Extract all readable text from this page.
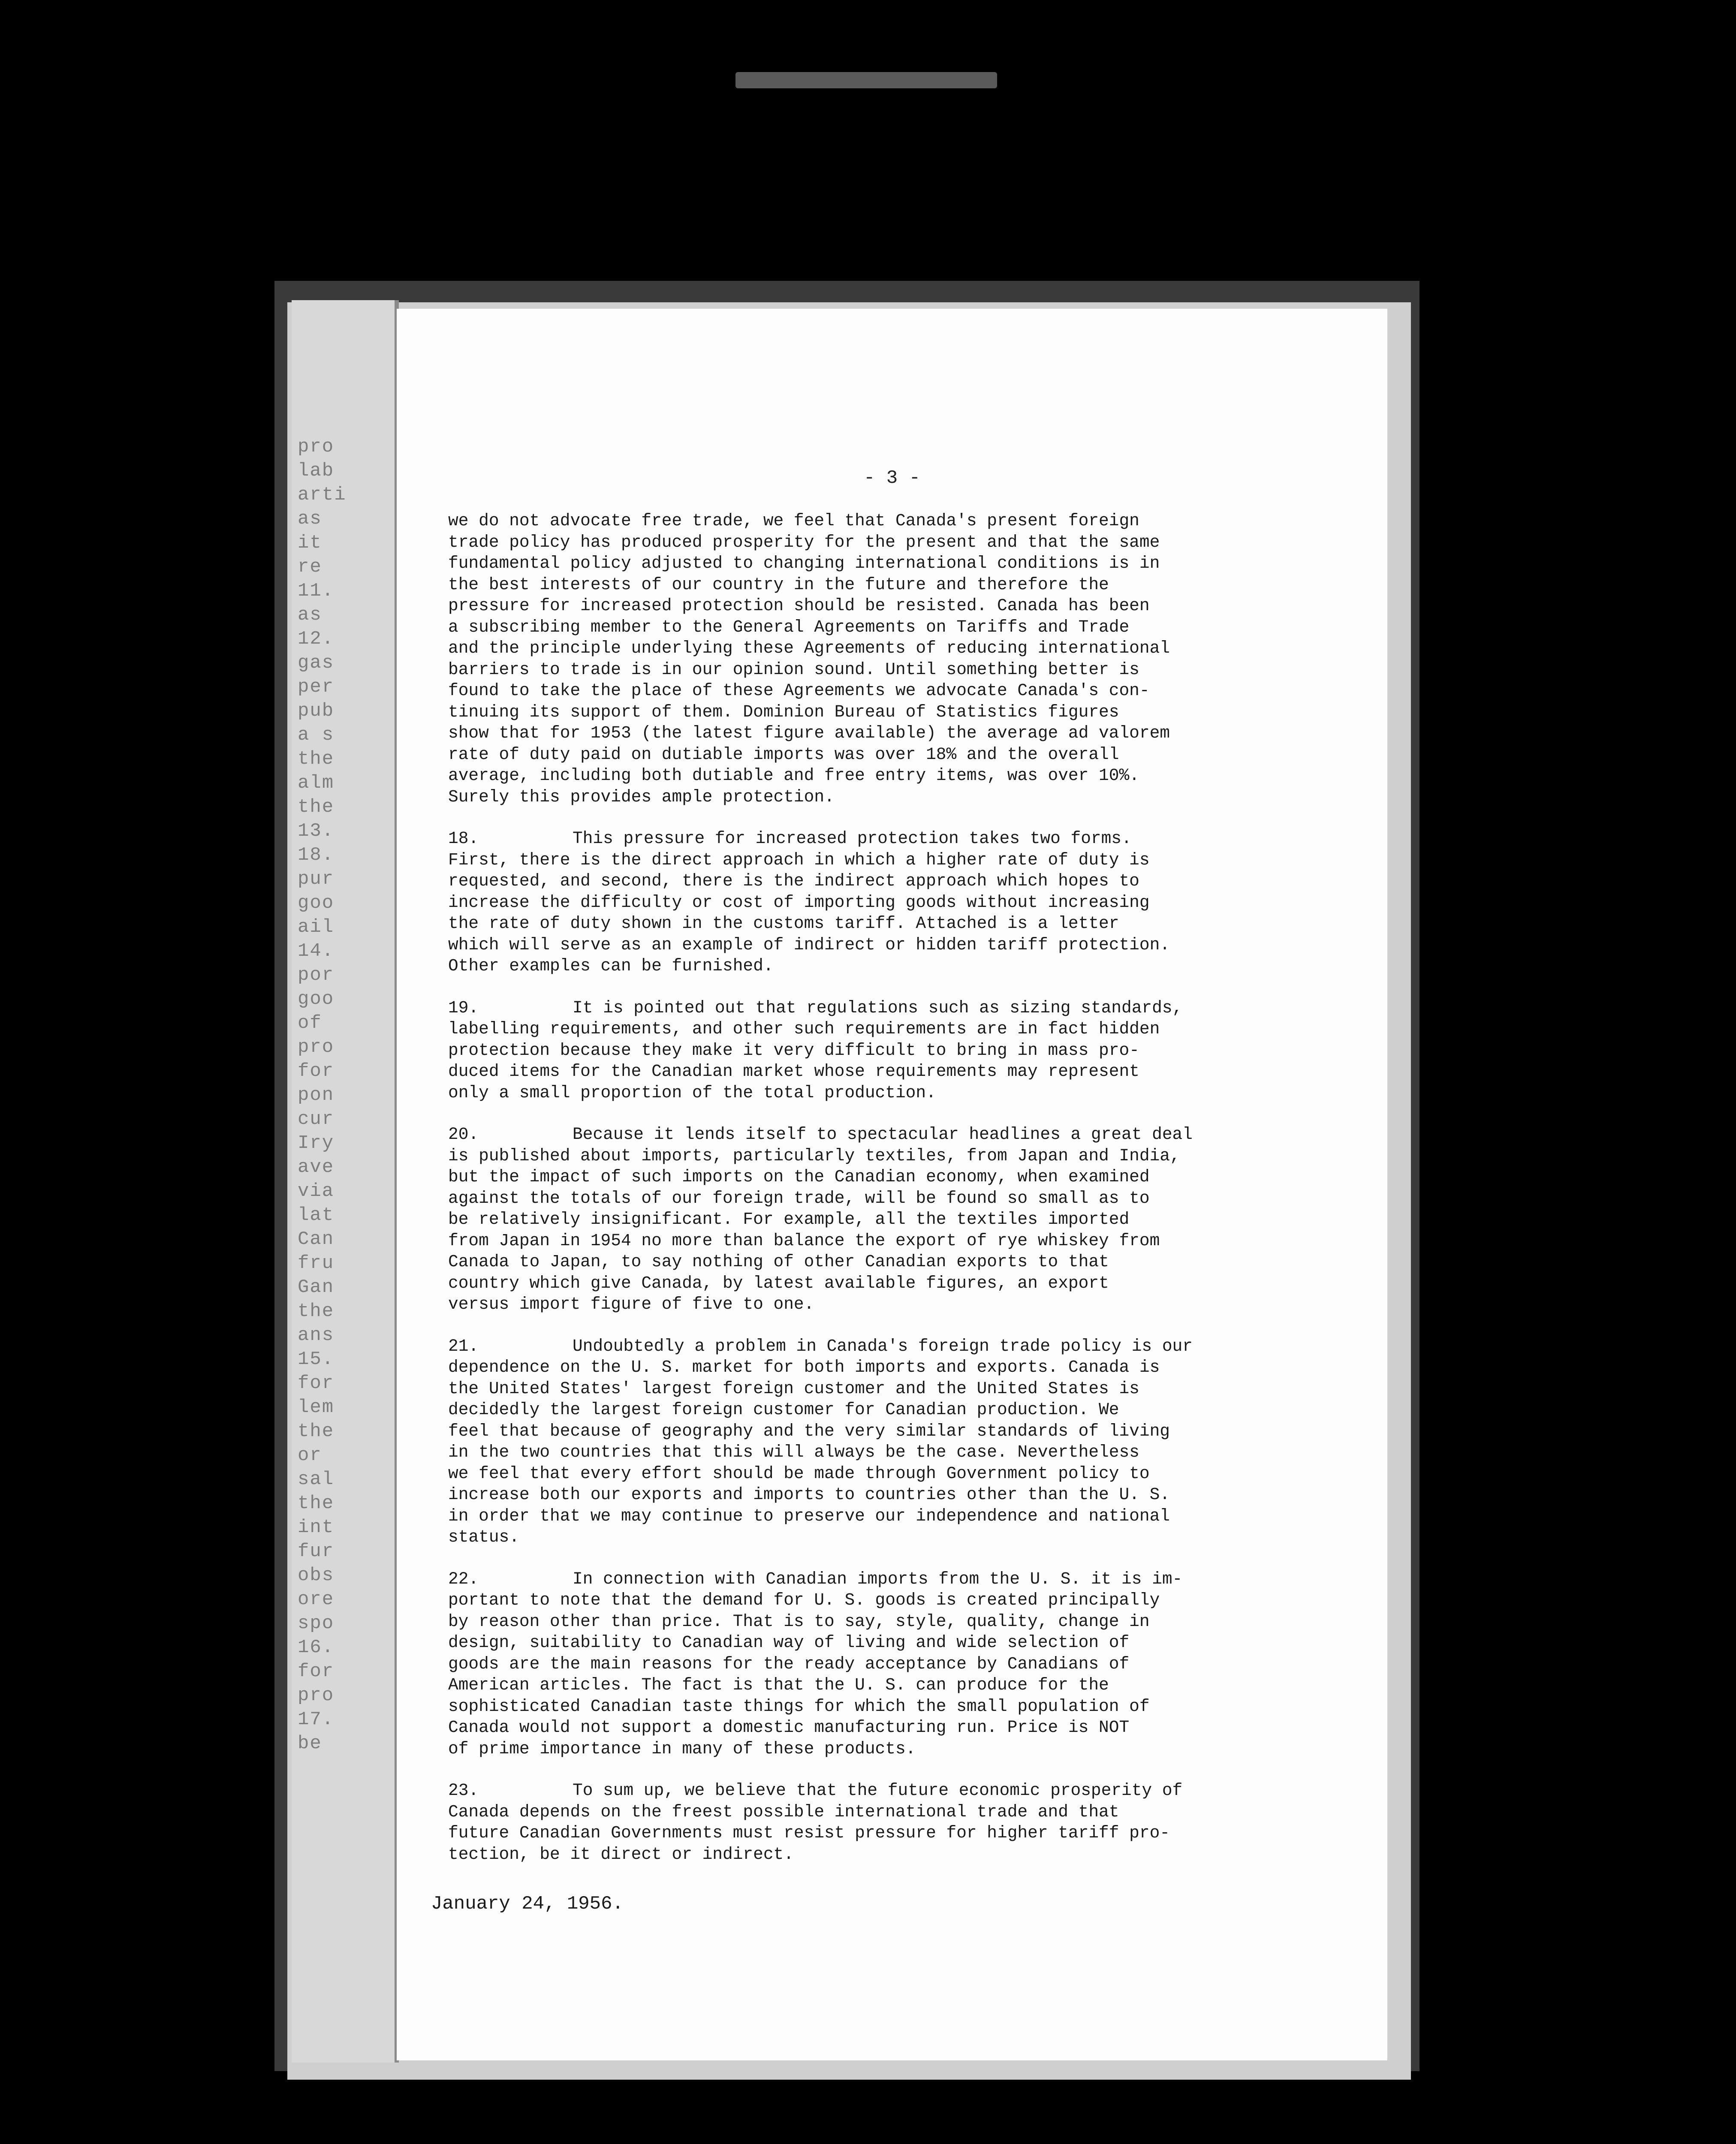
pro
lab
arti
as
it
re
11.
as
12.
gas
per
pub
a s
the
alm
the
13.
18.
pur
goo
ail
14.
por
goo
of
pro
for
pon
cur
Iry
ave
via
lat
Can
fru
Gan
the
ans
15.
for
lem
the
or
sal
the
int
fur
obs
ore
spo
16.
for
pro
17.
be
- 3 -
we do not advocate free trade, we feel that Canada's present foreign
trade policy has produced prosperity for the present and that the same
fundamental policy adjusted to changing international conditions is in
the best interests of our country in the future and therefore the
pressure for increased protection should be resisted. Canada has been
a subscribing member to the General Agreements on Tariffs and Trade
and the principle underlying these Agreements of reducing international
barriers to trade is in our opinion sound. Until something better is
found to take the place of these Agreements we advocate Canada's con-
tinuing its support of them. Dominion Bureau of Statistics figures
show that for 1953 (the latest figure available) the average ad valorem
rate of duty paid on dutiable imports was over 18% and the overall
average, including both dutiable and free entry items, was over 10%.
Surely this provides ample protection.
18.	This pressure for increased protection takes two forms.
First, there is the direct approach in which a higher rate of duty is
requested, and second, there is the indirect approach which hopes to
increase the difficulty or cost of importing goods without increasing
the rate of duty shown in the customs tariff. Attached is a letter
which will serve as an example of indirect or hidden tariff protection.
Other examples can be furnished.
19.	It is pointed out that regulations such as sizing standards,
labelling requirements, and other such requirements are in fact hidden
protection because they make it very difficult to bring in mass pro-
duced items for the Canadian market whose requirements may represent
only a small proportion of the total production.
20.	Because it lends itself to spectacular headlines a great deal
is published about imports, particularly textiles, from Japan and India,
but the impact of such imports on the Canadian economy, when examined
against the totals of our foreign trade, will be found so small as to
be relatively insignificant. For example, all the textiles imported
from Japan in 1954 no more than balance the export of rye whiskey from
Canada to Japan, to say nothing of other Canadian exports to that
country which give Canada, by latest available figures, an export
versus import figure of five to one.
21.	Undoubtedly a problem in Canada's foreign trade policy is our
dependence on the U. S. market for both imports and exports. Canada is
the United States' largest foreign customer and the United States is
decidedly the largest foreign customer for Canadian production. We
feel that because of geography and the very similar standards of living
in the two countries that this will always be the case. Nevertheless
we feel that every effort should be made through Government policy to
increase both our exports and imports to countries other than the U. S.
in order that we may continue to preserve our independence and national
status.
22.	In connection with Canadian imports from the U. S. it is im-
portant to note that the demand for U. S. goods is created principally
by reason other than price. That is to say, style, quality, change in
design, suitability to Canadian way of living and wide selection of
goods are the main reasons for the ready acceptance by Canadians of
American articles. The fact is that the U. S. can produce for the
sophisticated Canadian taste things for which the small population of
Canada would not support a domestic manufacturing run. Price is NOT
of prime importance in many of these products.
23.	To sum up, we believe that the future economic prosperity of
Canada depends on the freest possible international trade and that
future Canadian Governments must resist pressure for higher tariff pro-
tection, be it direct or indirect.
January 24, 1956.
